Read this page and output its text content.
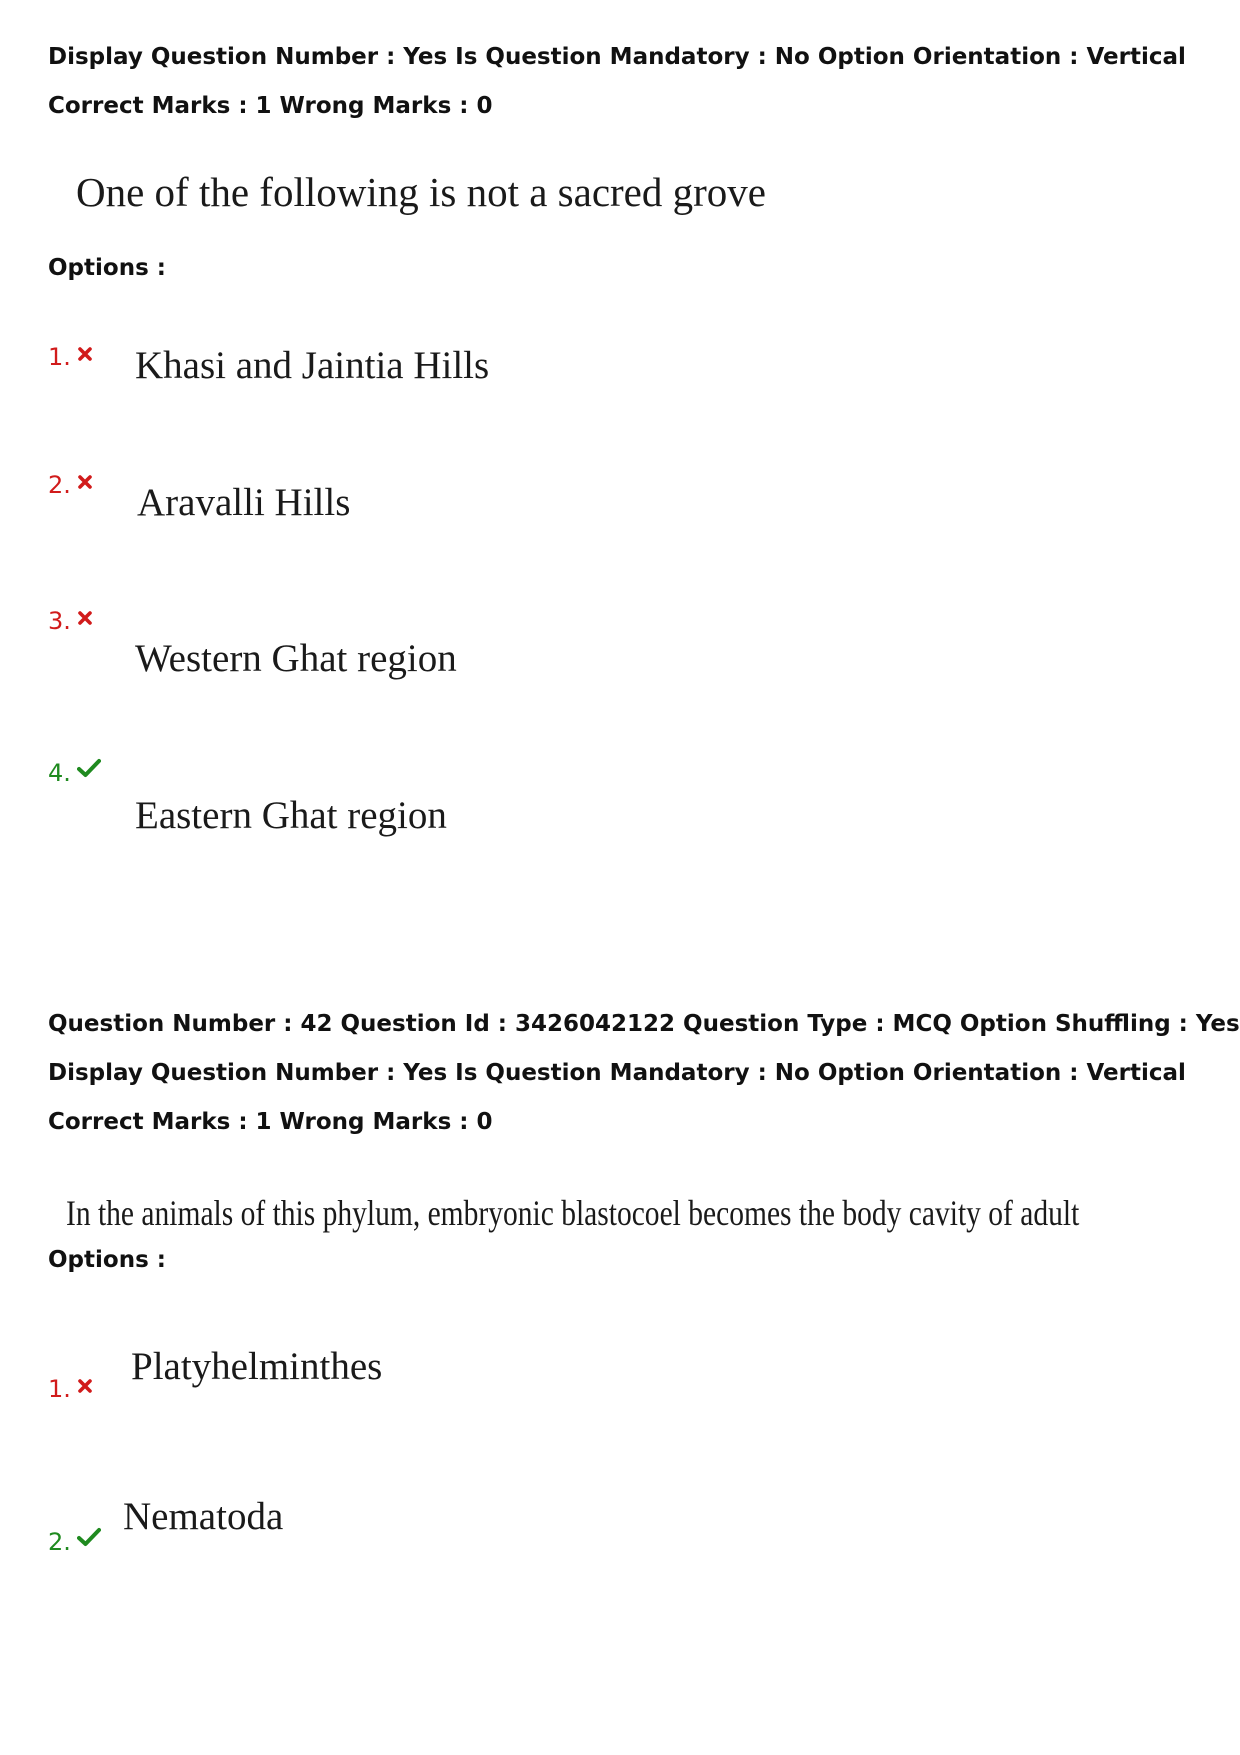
Display Question Number : Yes Is Question Mandatory : No Option Orientation : Vertical

Correct Marks : 1 Wrong Marks : 0

One of the following is not a sacred grove

Options :
1.	Khasi and Jaintia Hills
2.	Aravalli Hills
3.
Western Ghat region
4.
Eastern Ghat region

Question Number : 42 Question Id : 3426042122 Question Type : MCQ Option Shuffling : Yes

Display Question Number : Yes Is Question Mandatory : No Option Orientation : Vertical

Correct Marks : 1 Wrong Marks : 0

In the animals of this phylum, embryonic blastocoel becomes the body cavity of adult

Options :
1.
Platyhelminthes
2.
Nematoda
